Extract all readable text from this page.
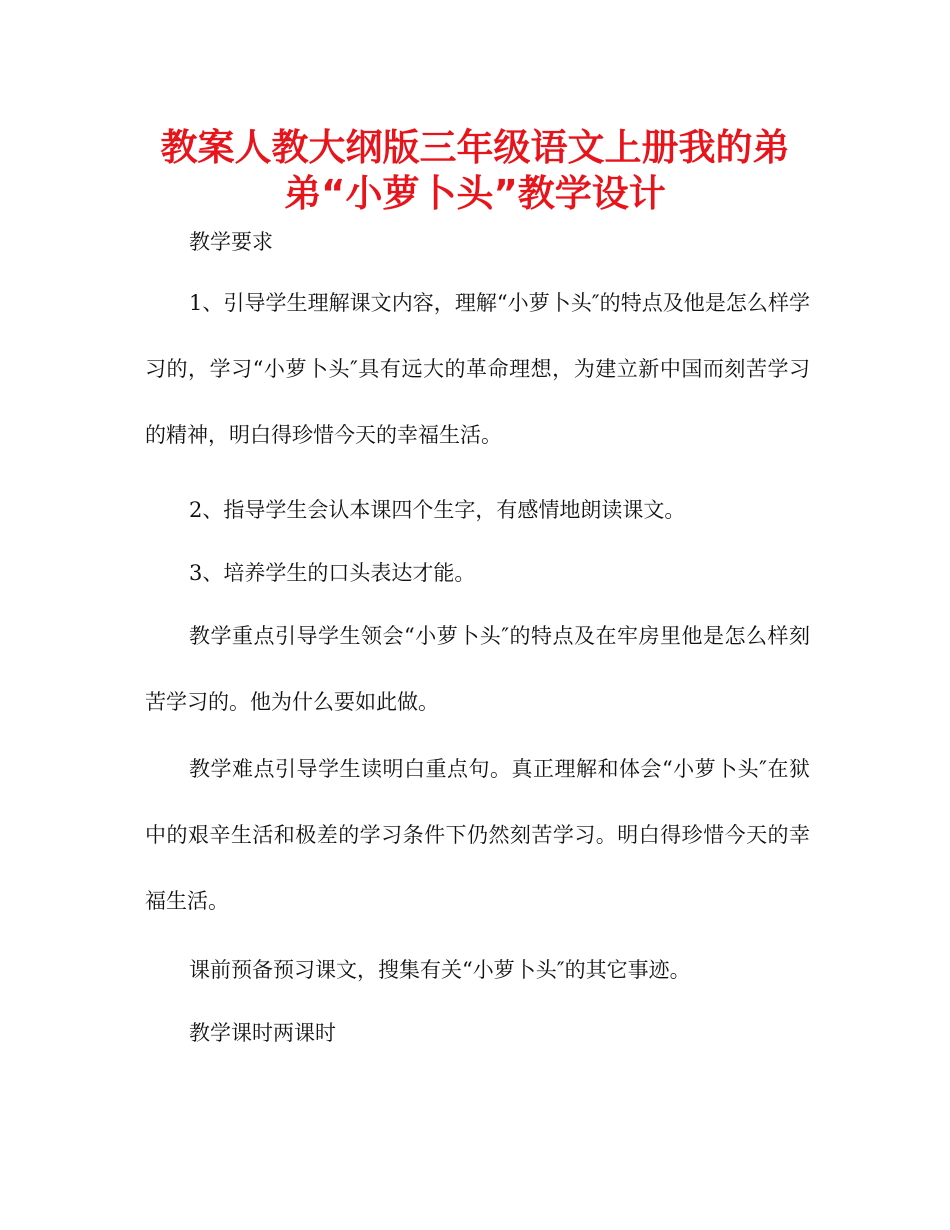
教案人教大纲版三年级语文上册我的弟
弟“小萝卜头”教学设计

教学要求

1、引导学生理解课文内容，理解“小萝卜头″的特点及他是怎么样学习的，学习“小萝卜头″具有远大的革命理想，为建立新中国而刻苦学习的精神，明白得珍惜今天的幸福生活。

2、指导学生会认本课四个生字，有感情地朗读课文。

3、培养学生的口头表达才能。

教学重点引导学生领会“小萝卜头″的特点及在牢房里他是怎么样刻苦学习的。他为什么要如此做。

教学难点引导学生读明白重点句。真正理解和体会“小萝卜头″在狱中的艰辛生活和极差的学习条件下仍然刻苦学习。明白得珍惜今天的幸福生活。

课前预备预习课文，搜集有关“小萝卜头″的其它事迹。

教学课时两课时
